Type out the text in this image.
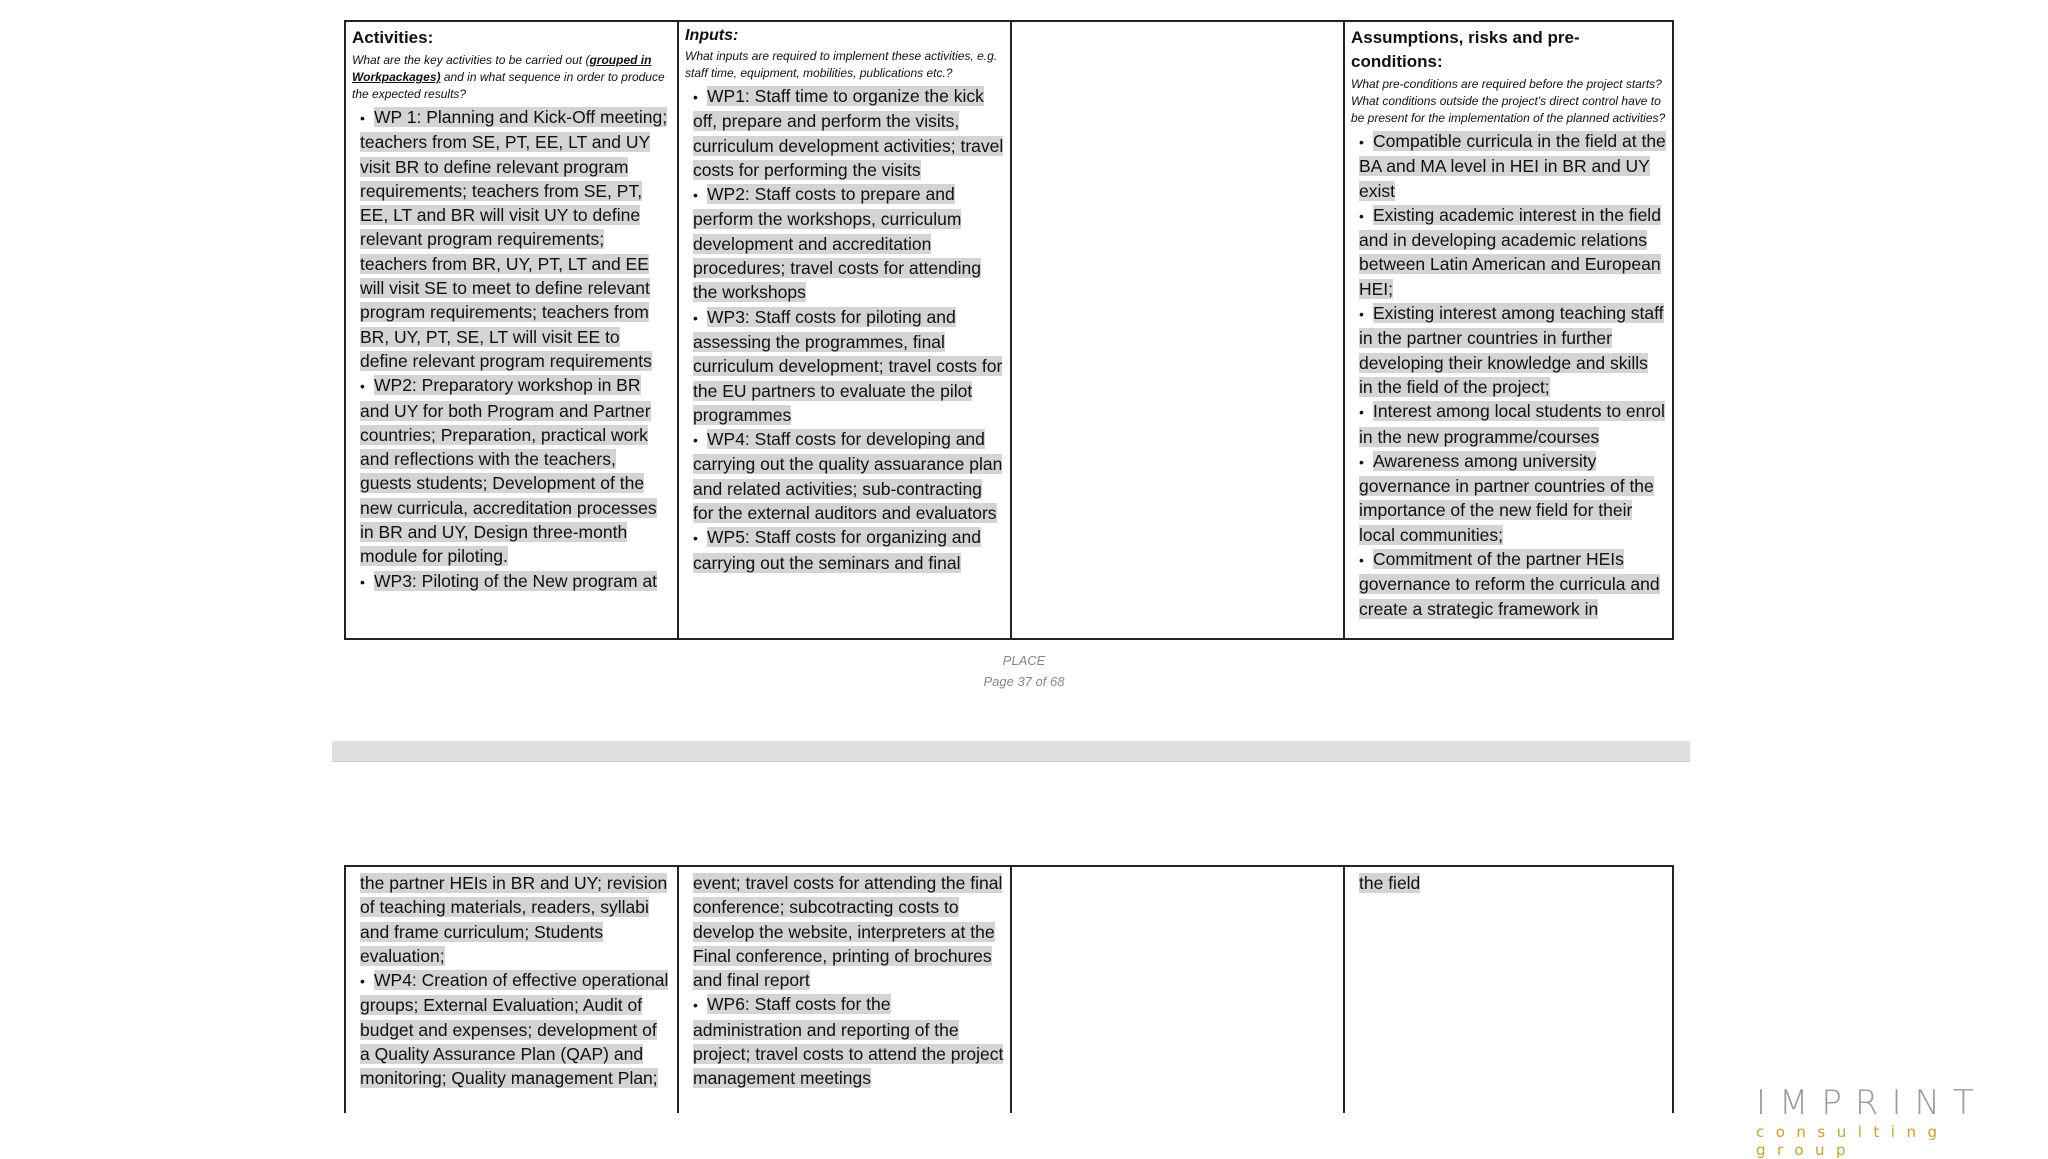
Activities:
What are the key activities to be carried out (grouped in Workpackages) and in what sequence in order to produce the expected results?
• WP 1: Planning and Kick-Off meeting; teachers from SE, PT, EE, LT and UY visit BR to define relevant program requirements; teachers from SE, PT, EE, LT and BR will visit UY to define relevant program requirements; teachers from BR, UY, PT, LT and EE will visit SE to meet to define relevant program requirements; teachers from BR, UY, PT, SE, LT will visit EE to define relevant program requirements
• WP2: Preparatory workshop in BR and UY for both Program and Partner countries; Preparation, practical work and reflections with the teachers, guests students; Development of the new curricula, accreditation processes in BR and UY, Design three-month module for piloting.
• WP3: Piloting of the New program at
Inputs:
What inputs are required to implement these activities, e.g. staff time, equipment, mobilities, publications etc.?
• WP1: Staff time to organize the kick off, prepare and perform the visits, curriculum development activities; travel costs for performing the visits
• WP2: Staff costs to prepare and perform the workshops, curriculum development and accreditation procedures; travel costs for attending the workshops
• WP3: Staff costs for piloting and assessing the programmes, final curriculum development; travel costs for the EU partners to evaluate the pilot programmes
• WP4: Staff costs for developing and carrying out the quality assuarance plan and related activities; sub-contracting for the external auditors and evaluators
• WP5: Staff costs for organizing and carrying out the seminars and final
Assumptions, risks and pre-conditions:
What pre-conditions are required before the project starts? What conditions outside the project's direct control have to be present for the implementation of the planned activities?
• Compatible curricula in the field at the BA and MA level in HEI in BR and UY exist
• Existing academic interest in the field and in developing academic relations between Latin American and European HEI;
• Existing interest among teaching staff in the partner countries in further developing their knowledge and skills in the field of the project;
• Interest among local students to enrol in the new programme/courses
• Awareness among university governance in partner countries of the importance of the new field for their local communities;
• Commitment of the partner HEIs governance to reform the curricula and create a strategic framework in
PLACE
Page 37 of 68
the partner HEIs in BR and UY; revision of teaching materials, readers, syllabi and frame curriculum; Students evaluation;
• WP4: Creation of effective operational groups; External Evaluation; Audit of budget and expenses; development of a Quality Assurance Plan (QAP) and monitoring; Quality management Plan;
event; travel costs for attending the final conference; subcotracting costs to develop the website, interpreters at the Final conference, printing of brochures and final report
• WP6: Staff costs for the administration and reporting of the project; travel costs to attend the project management meetings
the field
IMPRINT
consulting group
